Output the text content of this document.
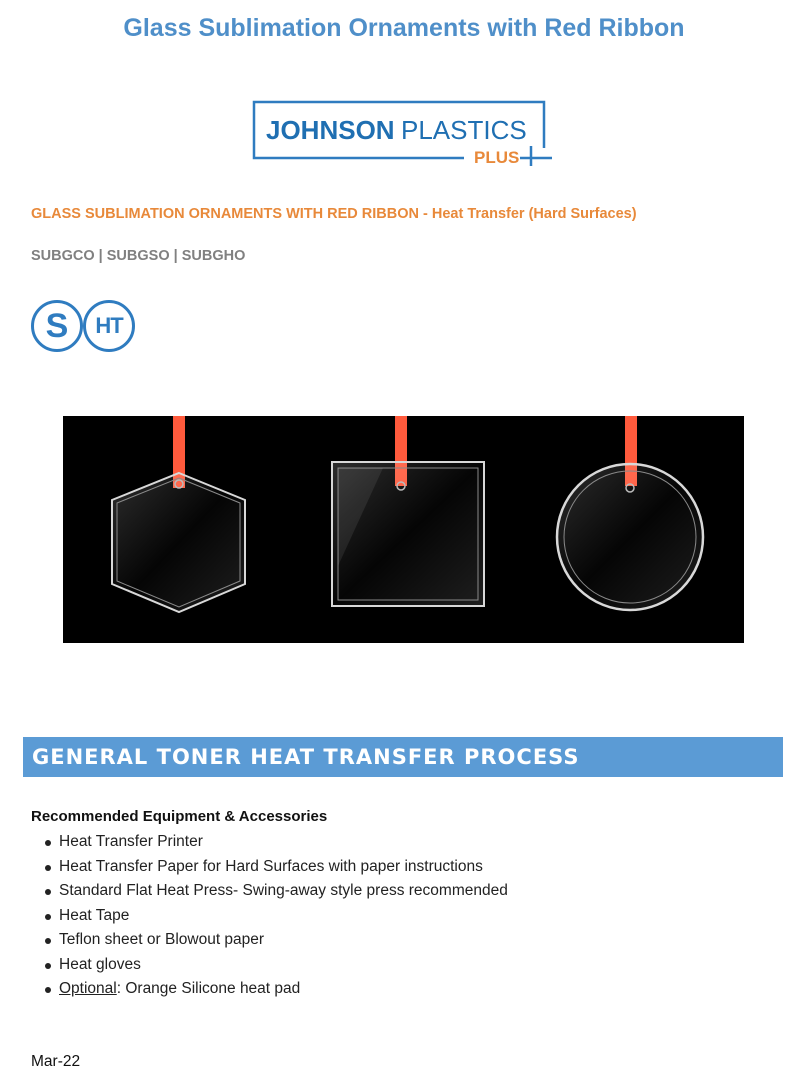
Glass Sublimation Ornaments with Red Ribbon
JOHNSON PLASTICS
PLUS
GLASS SUBLIMATION ORNAMENTS WITH RED RIBBON - Heat Transfer (Hard Surfaces)
SUBGCO | SUBGSO | SUBGHO
S	HT
GENERAL TONER HEAT TRANSFER PROCESS
Recommended Equipment & Accessories
Heat Transfer Printer
Heat Transfer Paper for Hard Surfaces with paper instructions
Standard Flat Heat Press- Swing-away style press recommended
Heat Tape
Teflon sheet or Blowout paper
Heat gloves
Optional: Orange Silicone heat pad
Mar-22
